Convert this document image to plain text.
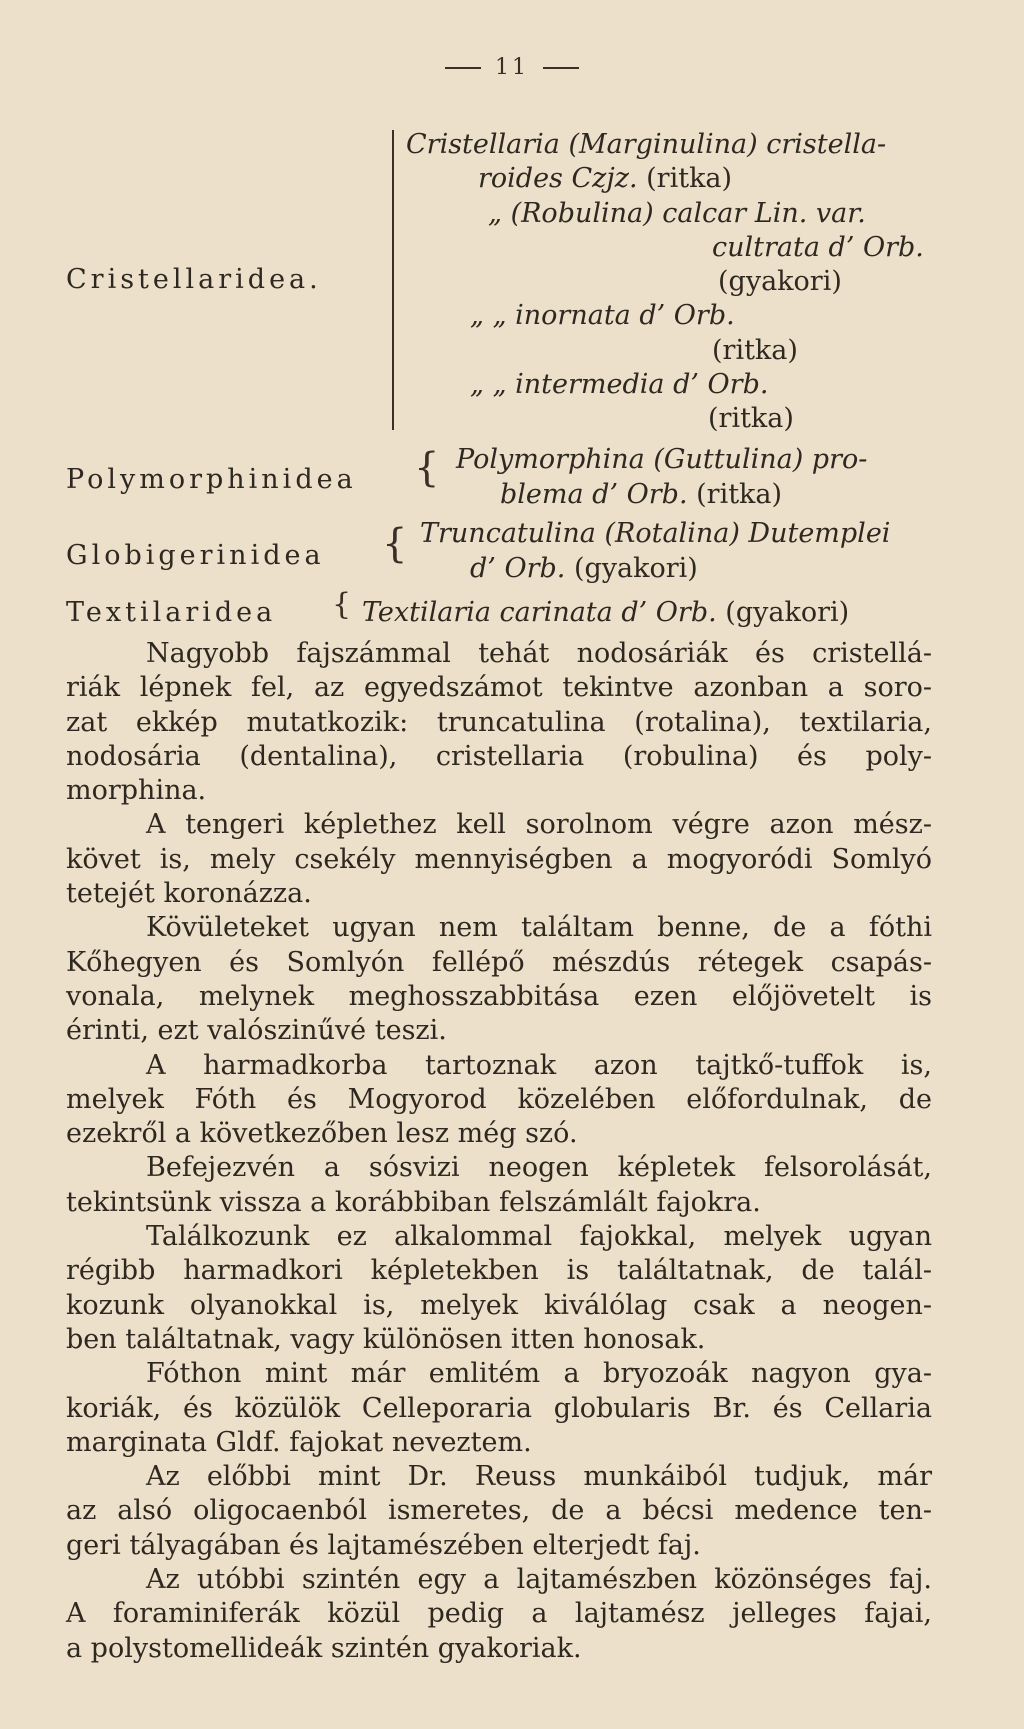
11
Cristellaridea.
Cristellaria (Marginulina) cristella-
roides Czjz. (ritka)
„ (Robulina) calcar Lin. var.
cultrata d’ Orb.
(gyakori)
„ „ inornata d’ Orb.
(ritka)
„ „ intermedia d’ Orb.
(ritka)
Polymorphinidea { Polymorphina (Guttulina) pro-
blema d’ Orb. (ritka)
Globigerinidea { Truncatulina (Rotalina) Dutemplei
d’ Orb. (gyakori)
Textilaridea { Textilaria carinata d’ Orb. (gyakori)
Nagyobb fajszámmal tehát nodosáriák és cristellá-
riák lépnek fel, az egyedszámot tekintve azonban a soro-
zat ekkép mutatkozik: truncatulina (rotalina), textilaria,
nodosária (dentalina), cristellaria (robulina) és poly-
morphina.
A tengeri képlethez kell sorolnom végre azon mész-
követ is, mely csekély mennyiségben a mogyoródi Somlyó
tetejét koronázza.
Kövületeket ugyan nem találtam benne, de a fóthi
Kőhegyen és Somlyón fellépő mészdús rétegek csapás-
vonala, melynek meghosszabbitása ezen előjövetelt is
érinti, ezt valószinűvé teszi.
A harmadkorba tartoznak azon tajtkő-tuffok is,
melyek Fóth és Mogyorod közelében előfordulnak, de
ezekről a következőben lesz még szó.
Befejezvén a sósvizi neogen képletek felsorolását,
tekintsünk vissza a korábbiban felszámlált fajokra.
Találkozunk ez alkalommal fajokkal, melyek ugyan
régibb harmadkori képletekben is találtatnak, de talál-
kozunk olyanokkal is, melyek kiválólag csak a neogen-
ben találtatnak, vagy különösen itten honosak.
Fóthon mint már emlitém a bryozoák nagyon gya-
koriák, és közülök Celleporaria globularis Br. és Cellaria
marginata Gldf. fajokat neveztem.
Az előbbi mint Dr. Reuss munkáiból tudjuk, már
az alsó oligocaenból ismeretes, de a bécsi medence ten-
geri tályagában és lajtamészében elterjedt faj.
Az utóbbi szintén egy a lajtamészben közönséges faj.
A foraminiferák közül pedig a lajtamész jelleges fajai,
a polystomellideák szintén gyakoriak.
